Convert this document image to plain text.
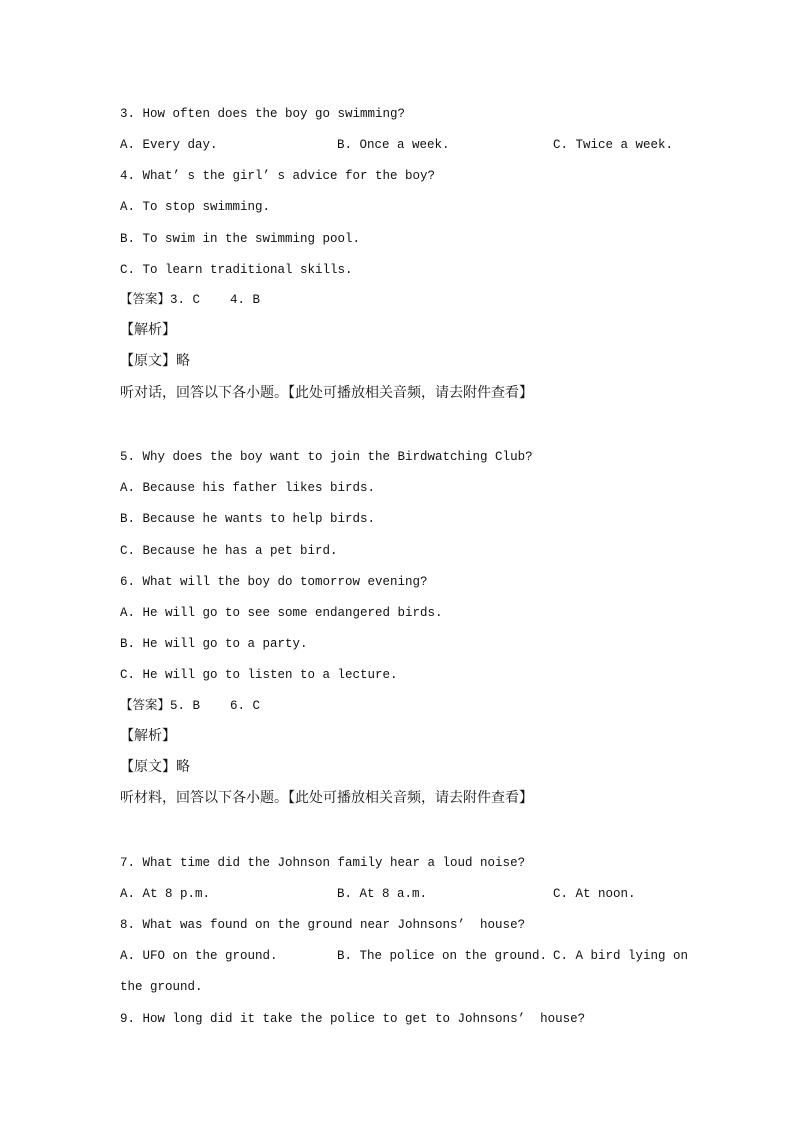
3. How often does the boy go swimming?
A. Every day.	B. Once a week.	C. Twice a week.
4. What’ s the girl’ s advice for the boy?
A. To stop swimming.
B. To swim in the swimming pool.
C. To learn traditional skills.
【答案】3. C    4. B
【解析】
【原文】略
听对话，回答以下各小题。【此处可播放相关音频，请去附件查看】
5. Why does the boy want to join the Birdwatching Club?
A. Because his father likes birds.
B. Because he wants to help birds.
C. Because he has a pet bird.
6. What will the boy do tomorrow evening?
A. He will go to see some endangered birds.
B. He will go to a party.
C. He will go to listen to a lecture.
【答案】5. B    6. C
【解析】
【原文】略
听材料，回答以下各小题。【此处可播放相关音频，请去附件查看】
7. What time did the Johnson family hear a loud noise?
A. At 8 p.m.	B. At 8 a.m.	C. At noon.
8. What was found on the ground near Johnsons’  house?
A. UFO on the ground.	B. The police on the ground. C. A bird lying on
the ground.
9. How long did it take the police to get to Johnsons’  house?
